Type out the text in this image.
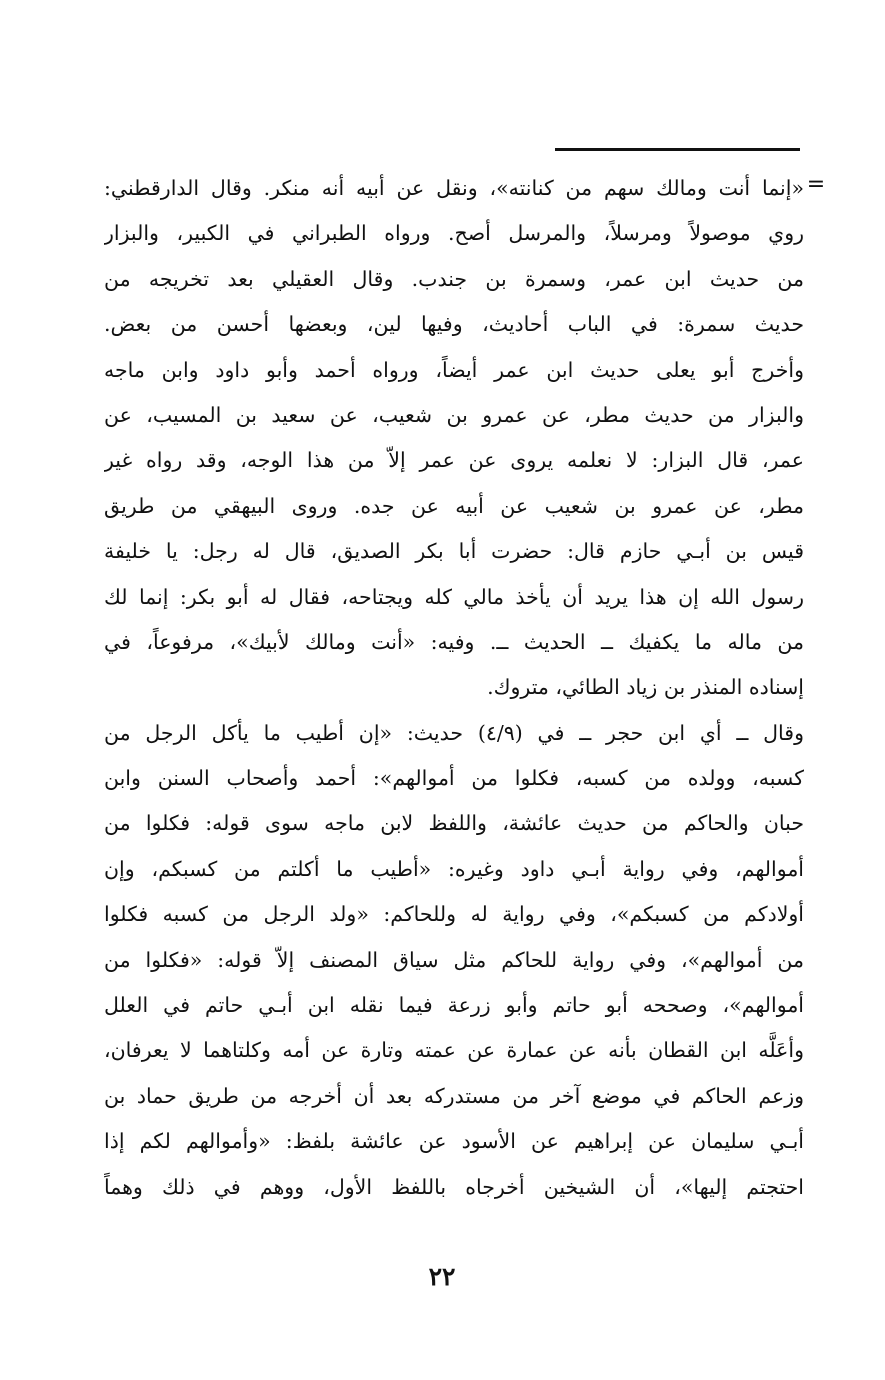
=
«إنما أنت ومالك سهم من كنانته»، ونقل عن أبيه أنه منكر. وقال الدارقطني:
روي موصولاً ومرسلاً، والمرسل أصح. ورواه الطبراني في الكبير، والبزار
من حديث ابن عمر، وسمرة بن جندب. وقال العقيلي بعد تخريجه من
حديث سمرة: في الباب أحاديث، وفيها لين، وبعضها أحسن من بعض.
وأخرج أبو يعلى حديث ابن عمر أيضاً، ورواه أحمد وأبو داود وابن ماجه
والبزار من حديث مطر، عن عمرو بن شعيب، عن سعيد بن المسيب، عن
عمر، قال البزار: لا نعلمه يروى عن عمر إلاّ من هذا الوجه، وقد رواه غير
مطر، عن عمرو بن شعيب عن أبيه عن جده. وروى البيهقي من طريق
قيس بن أبـي حازم قال: حضرت أبا بكر الصديق، قال له رجل: يا خليفة
رسول الله إن هذا يريد أن يأخذ مالي كله ويجتاحه، فقال له أبو بكر: إنما لك
من ماله ما يكفيك ــ الحديث ــ. وفيه: «أنت ومالك لأبيك»، مرفوعاً، في
إسناده المنذر بن زياد الطائي، متروك.
وقال ــ أي ابن حجر ــ في (٤/٩) حديث: «إن أطيب ما يأكل الرجل من
كسبه، وولده من كسبه، فكلوا من أموالهم»: أحمد وأصحاب السنن وابن
حبان والحاكم من حديث عائشة، واللفظ لابن ماجه سوى قوله: فكلوا من
أموالهم، وفي رواية أبـي داود وغيره: «أطيب ما أكلتم من كسبكم، وإن
أولادكم من كسبكم»، وفي رواية له وللحاكم: «ولد الرجل من كسبه فكلوا
من أموالهم»، وفي رواية للحاكم مثل سياق المصنف إلاّ قوله: «فكلوا من
أموالهم»، وصححه أبو حاتم وأبو زرعة فيما نقله ابن أبـي حاتم في العلل
وأعَلَّه ابن القطان بأنه عن عمارة عن عمته وتارة عن أمه وكلتاهما لا يعرفان،
وزعم الحاكم في موضع آخر من مستدركه بعد أن أخرجه من طريق حماد بن
أبـي سليمان عن إبراهيم عن الأسود عن عائشة بلفظ: «وأموالهم لكم إذا
احتجتم إليها»، أن الشيخين أخرجاه باللفظ الأول، ووهم في ذلك وهماً
٢٢
